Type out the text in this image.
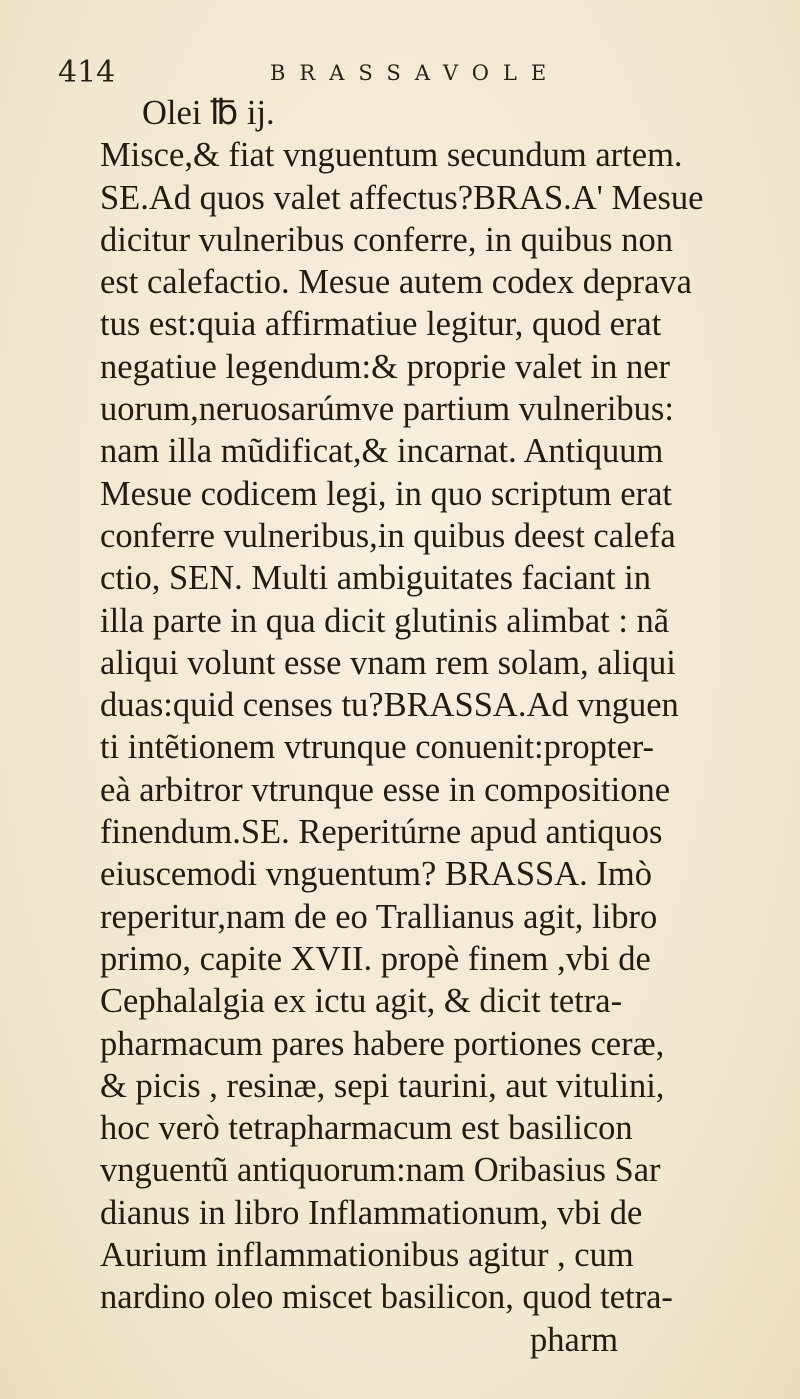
414	BRASSAVOLE
Olei ℔ ij.
Misce,& fiat vnguentum secundum artem.
SE.Ad quos valet affectus?BRAS.A' Mesue
dicitur vulneribus conferre, in quibus non
est calefactio. Mesue autem codex deprava
tus est:quia affirmatiue legitur, quod erat
negatiue legendum:& proprie valet in ner
uorum,neruosarúmve partium vulneribus:
nam illa mũdificat,& incarnat. Antiquum
Mesue codicem legi, in quo scriptum erat
conferre vulneribus,in quibus deest calefa
ctio, SEN. Multi ambiguitates faciant in
illa parte in qua dicit glutinis alimbat : nã
aliqui volunt esse vnam rem solam, aliqui
duas:quid censes tu?BRASSA.Ad vnguen
ti intẽtionem vtrunque conuenit:propter-
eà arbitror vtrunque esse in compositione
finendum.SE. Reperitúrne apud antiquos
eiuscemodi vnguentum? BRASSA. Imò
reperitur,nam de eo Trallianus agit, libro
primo, capite XVII. propè finem ,vbi de
Cephalalgia ex ictu agit, & dicit tetra-
pharmacum pares habere portiones ceræ,
& picis , resinæ, sepi taurini, aut vitulini,
hoc verò tetrapharmacum est basilicon
vnguentũ antiquorum:nam Oribasius Sar
dianus in libro Inflammationum, vbi de
Aurium inflammationibus agitur , cum
nardino oleo miscet basilicon, quod tetra-
pharm
